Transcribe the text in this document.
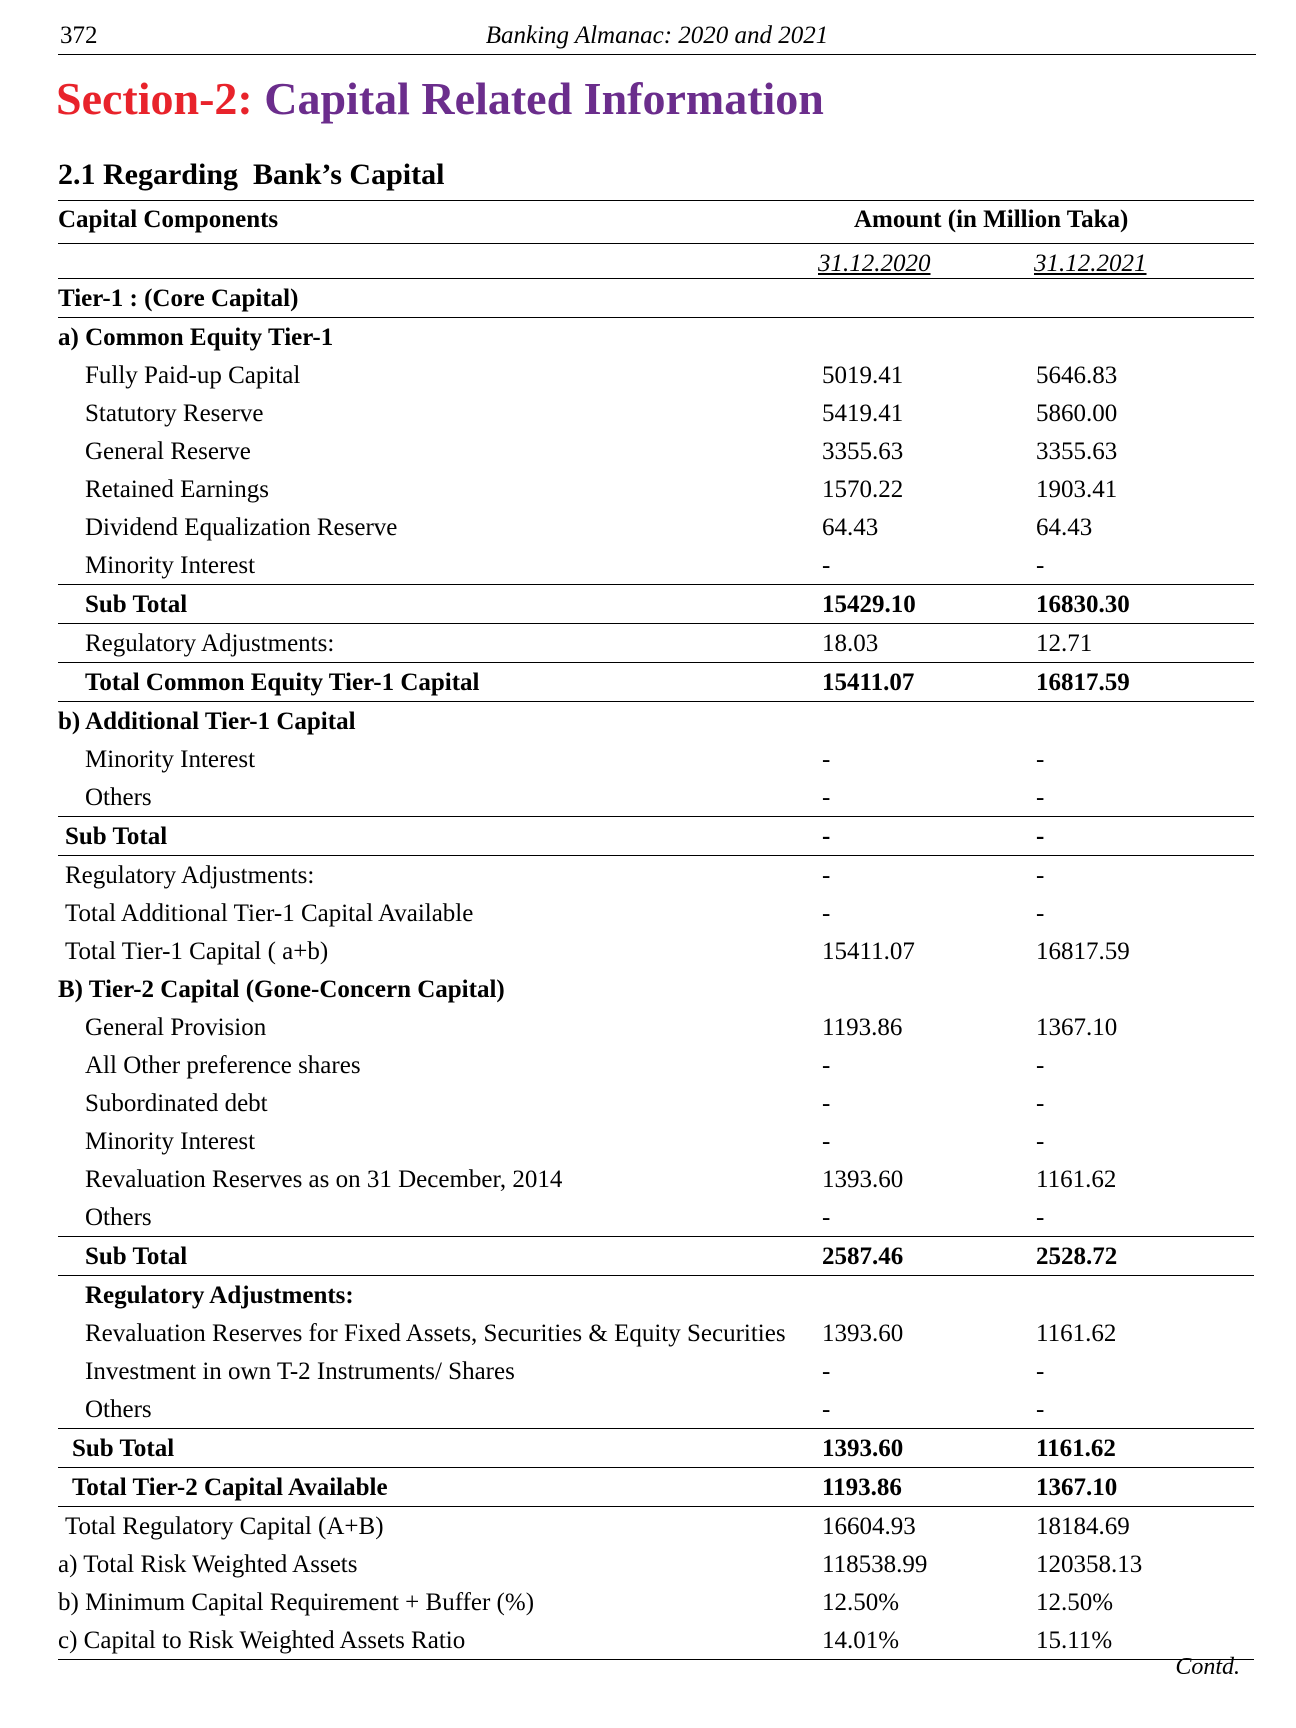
372	Banking Almanac: 2020 and 2021
Section-2: Capital Related Information
2.1 Regarding  Bank’s Capital
Capital Components	Amount (in Million Taka)
31.12.2020	31.12.2021
Tier-1 : (Core Capital)
a) Common Equity Tier-1
Fully Paid-up Capital	5019.41	5646.83
Statutory Reserve	5419.41	5860.00
General Reserve	3355.63	3355.63
Retained Earnings	1570.22	1903.41
Dividend Equalization Reserve	64.43	64.43
Minority Interest	-	-
Sub Total	15429.10	16830.30
Regulatory Adjustments:	18.03	12.71
Total Common Equity Tier-1 Capital	15411.07	16817.59
b) Additional Tier-1 Capital
Minority Interest	-	-
Others	-	-
Sub Total	-	-
Regulatory Adjustments:	-	-
Total Additional Tier-1 Capital Available	-	-
Total Tier-1 Capital ( a+b)	15411.07	16817.59
B) Tier-2 Capital (Gone-Concern Capital)
General Provision	1193.86	1367.10
All Other preference shares	-	-
Subordinated debt	-	-
Minority Interest	-	-
Revaluation Reserves as on 31 December, 2014	1393.60	1161.62
Others	-	-
Sub Total	2587.46	2528.72
Regulatory Adjustments:
Revaluation Reserves for Fixed Assets, Securities & Equity Securities 1393.60	1161.62
Investment in own T-2 Instruments/ Shares	-	-
Others	-	-
Sub Total	1393.60	1161.62
Total Tier-2 Capital Available	1193.86	1367.10
Total Regulatory Capital (A+B)	16604.93	18184.69
a) Total Risk Weighted Assets	118538.99	120358.13
b) Minimum Capital Requirement + Buffer (%)	12.50%	12.50%
c) Capital to Risk Weighted Assets Ratio	14.01%	15.11%
Contd.
